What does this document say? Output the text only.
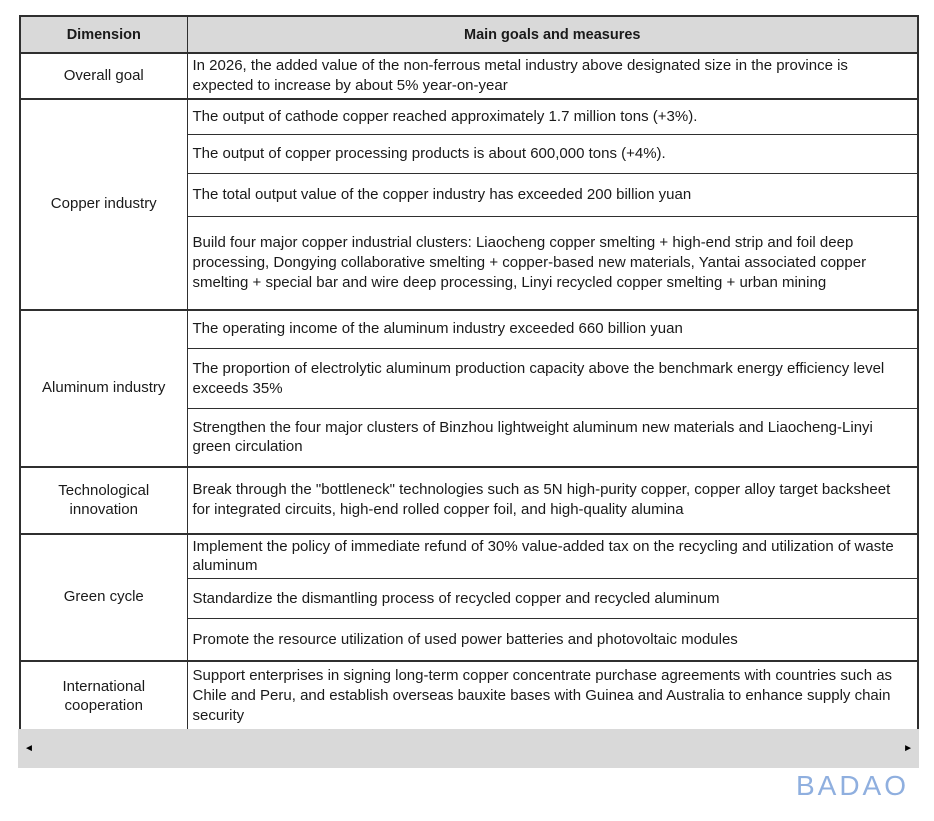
Dimension	Main goals and measures
Overall goal	In 2026, the added value of the non-ferrous metal industry above designated size in the province is expected to increase by about 5% year-on-year
Copper industry	The output of cathode copper reached approximately 1.7 million tons (+3%).
	The output of copper processing products is about 600,000 tons (+4%).
	The total output value of the copper industry has exceeded 200 billion yuan
	Build four major copper industrial clusters: Liaocheng copper smelting + high-end strip and foil deep processing, Dongying collaborative smelting + copper-based new materials, Yantai associated copper smelting + special bar and wire deep processing, Linyi recycled copper smelting + urban mining
Aluminum industry	The operating income of the aluminum industry exceeded 660 billion yuan
	The proportion of electrolytic aluminum production capacity above the benchmark energy efficiency level exceeds 35%
	Strengthen the four major clusters of Binzhou lightweight aluminum new materials and Liaocheng-Linyi green circulation
Technological innovation	Break through the "bottleneck" technologies such as 5N high-purity copper, copper alloy target backsheet for integrated circuits, high-end rolled copper foil, and high-quality alumina
Green cycle	Implement the policy of immediate refund of 30% value-added tax on the recycling and utilization of waste aluminum
	Standardize the dismantling process of recycled copper and recycled aluminum
	Promote the resource utilization of used power batteries and photovoltaic modules
International cooperation	Support enterprises in signing long-term copper concentrate purchase agreements with countries such as Chile and Peru, and establish overseas bauxite bases with Guinea and Australia to enhance supply chain security
◄	►
BADAO
